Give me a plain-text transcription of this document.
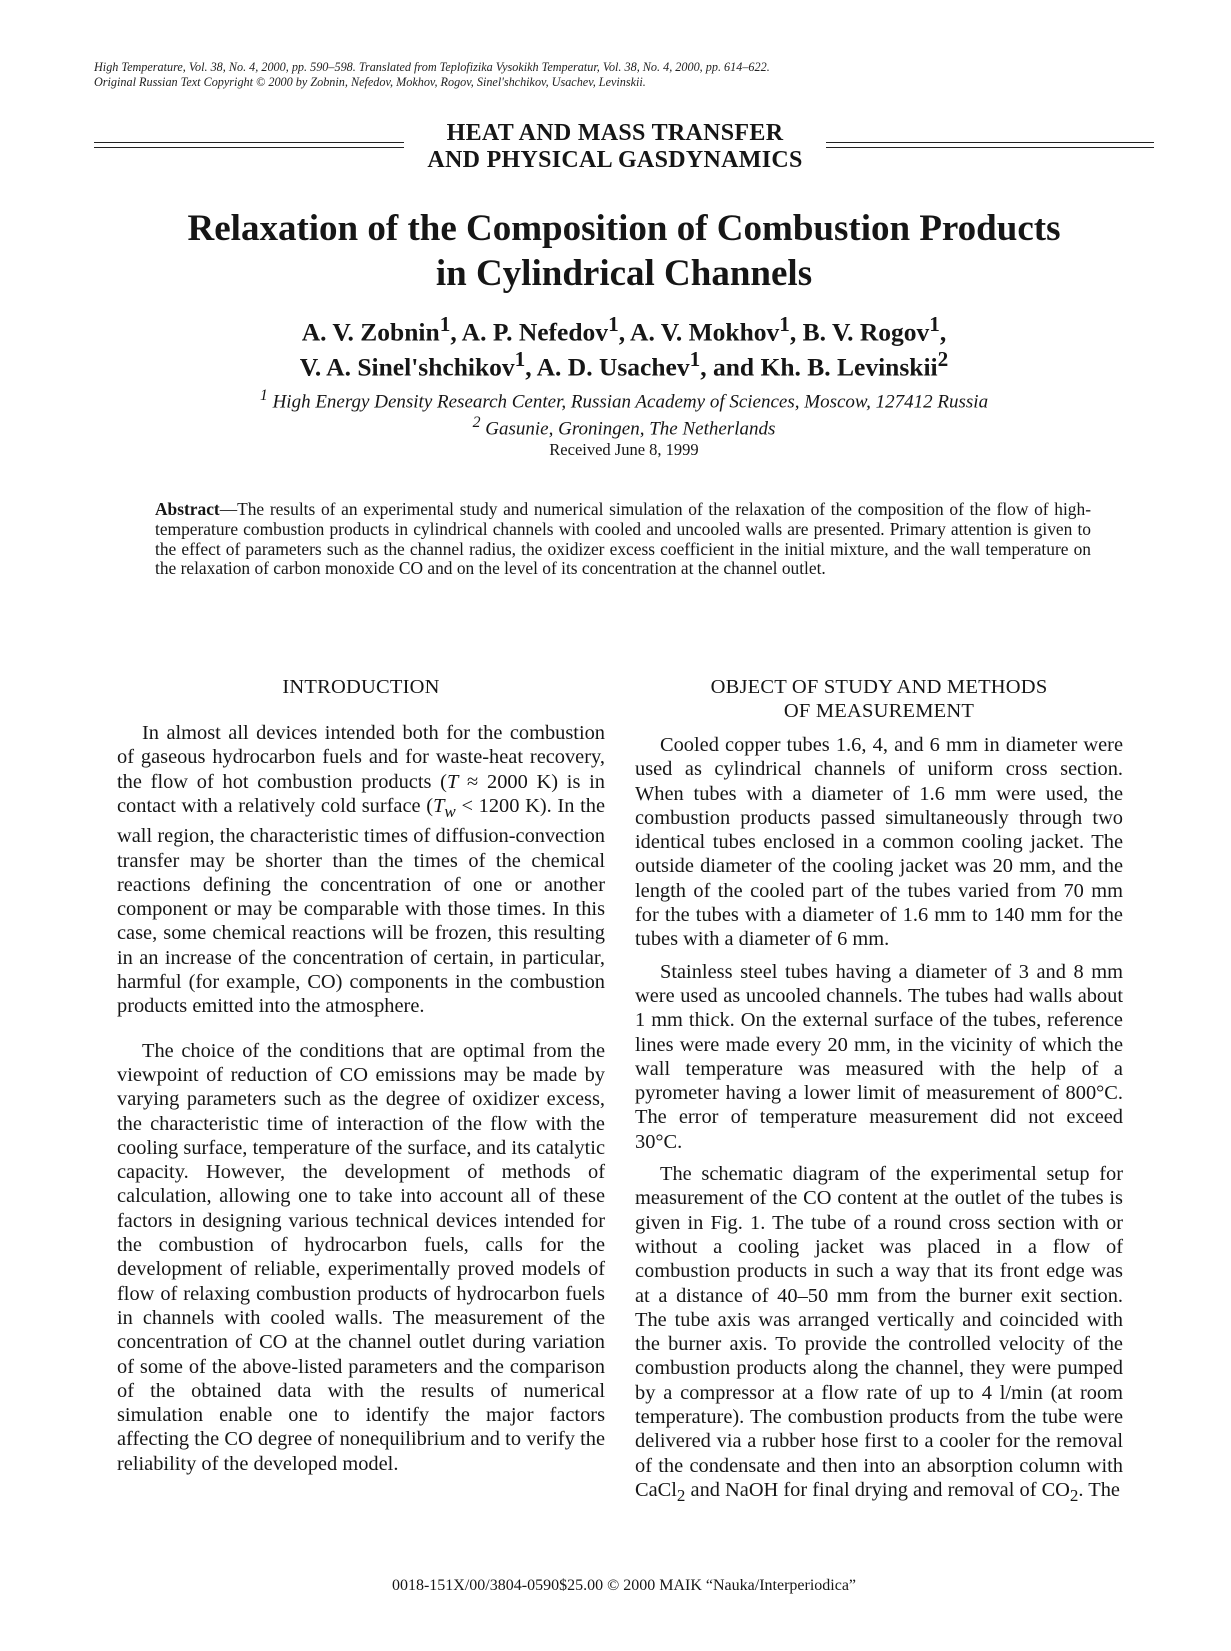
High Temperature, Vol. 38, No. 4, 2000, pp. 590–598. Translated from Teplofizika Vysokikh Temperatur, Vol. 38, No. 4, 2000, pp. 614–622.
Original Russian Text Copyright © 2000 by Zobnin, Nefedov, Mokhov, Rogov, Sinel'shchikov, Usachev, Levinskii.
HEAT AND MASS TRANSFER
AND PHYSICAL GASDYNAMICS
Relaxation of the Composition of Combustion Products
in Cylindrical Channels
A. V. Zobnin$^1$, A. P. Nefedov$^1$, A. V. Mokhov$^1$, B. V. Rogov$^1$,
V. A. Sinel'shchikov$^1$, A. D. Usachev$^1$, and Kh. B. Levinskii$^2$
$^1$ High Energy Density Research Center, Russian Academy of Sciences, Moscow, 127412 Russia
$^2$ Gasunie, Groningen, The Netherlands
Received June 8, 1999
Abstract—The results of an experimental study and numerical simulation of the relaxation of the composition of the flow of high-temperature combustion products in cylindrical channels with cooled and uncooled walls are presented. Primary attention is given to the effect of parameters such as the channel radius, the oxidizer excess coefficient in the initial mixture, and the wall temperature on the relaxation of carbon monoxide CO and on the level of its concentration at the channel outlet.
INTRODUCTION

In almost all devices intended both for the combustion of gaseous hydrocarbon fuels and for waste-heat recovery, the flow of hot combustion products (T ≈ 2000 K) is in contact with a relatively cold surface ($T_w < 1200$ K). In the wall region, the characteristic times of diffusion-convection transfer may be shorter than the times of the chemical reactions defining the concentration of one or another component or may be comparable with those times. In this case, some chemical reactions will be frozen, this resulting in an increase of the concentration of certain, in particular, harmful (for example, CO) components in the combustion products emitted into the atmosphere.

The choice of the conditions that are optimal from the viewpoint of reduction of CO emissions may be made by varying parameters such as the degree of oxidizer excess, the characteristic time of interaction of the flow with the cooling surface, temperature of the surface, and its catalytic capacity. However, the development of methods of calculation, allowing one to take into account all of these factors in designing various technical devices intended for the combustion of hydrocarbon fuels, calls for the development of reliable, experimentally proved models of flow of relaxing combustion products of hydrocarbon fuels in channels with cooled walls. The measurement of the concentration of CO at the channel outlet during variation of some of the above-listed parameters and the comparison of the obtained data with the results of numerical simulation enable one to identify the major factors affecting the CO degree of nonequilibrium and to verify the reliability of the developed model.

OBJECT OF STUDY AND METHODS
OF MEASUREMENT

Cooled copper tubes 1.6, 4, and 6 mm in diameter were used as cylindrical channels of uniform cross section. When tubes with a diameter of 1.6 mm were used, the combustion products passed simultaneously through two identical tubes enclosed in a common cooling jacket. The outside diameter of the cooling jacket was 20 mm, and the length of the cooled part of the tubes varied from 70 mm for the tubes with a diameter of 1.6 mm to 140 mm for the tubes with a diameter of 6 mm.

Stainless steel tubes having a diameter of 3 and 8 mm were used as uncooled channels. The tubes had walls about 1 mm thick. On the external surface of the tubes, reference lines were made every 20 mm, in the vicinity of which the wall temperature was measured with the help of a pyrometer having a lower limit of measurement of 800°C. The error of temperature measurement did not exceed 30°C.

The schematic diagram of the experimental setup for measurement of the CO content at the outlet of the tubes is given in Fig. 1. The tube of a round cross section with or without a cooling jacket was placed in a flow of combustion products in such a way that its front edge was at a distance of 40–50 mm from the burner exit section. The tube axis was arranged vertically and coincided with the burner axis. To provide the controlled velocity of the combustion products along the channel, they were pumped by a compressor at a flow rate of up to 4 l/min (at room temperature). The combustion products from the tube were delivered via a rubber hose first to a cooler for the removal of the condensate and then into an absorption column with CaCl$_2$ and NaOH for final drying and removal of $CO_2$. The

0018-151X/00/3804-0590$25.00 © 2000 MAIK “Nauka/Interperiodica”
